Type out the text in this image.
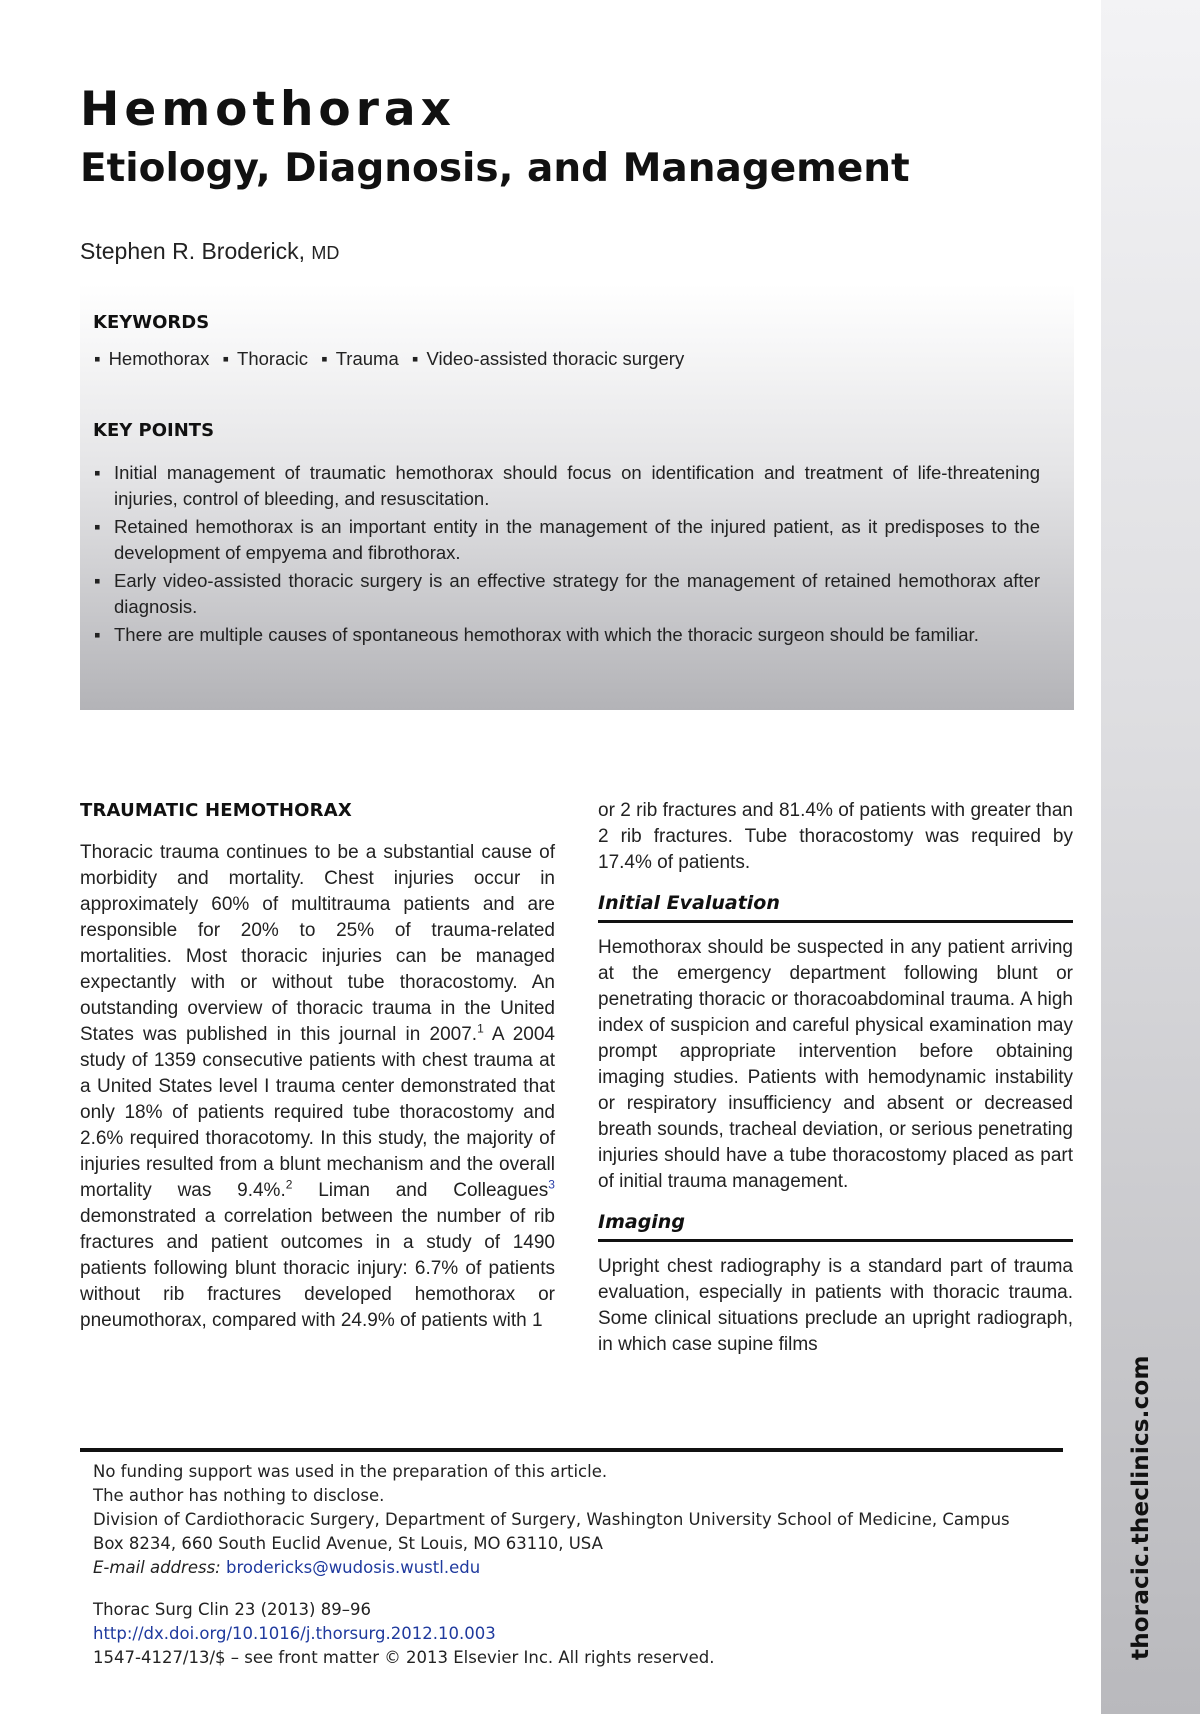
thoracic.theclinics.com
Hemothorax
Etiology, Diagnosis, and Management
Stephen R. Broderick, MD
KEYWORDS
▪ Hemothorax ▪ Thoracic ▪ Trauma ▪ Video-assisted thoracic surgery
KEY POINTS
▪ Initial management of traumatic hemothorax should focus on identification and treatment of life-threatening injuries, control of bleeding, and resuscitation.
▪ Retained hemothorax is an important entity in the management of the injured patient, as it predisposes to the development of empyema and fibrothorax.
▪ Early video-assisted thoracic surgery is an effective strategy for the management of retained hemothorax after diagnosis.
▪ There are multiple causes of spontaneous hemothorax with which the thoracic surgeon should be familiar.
TRAUMATIC HEMOTHORAX

Thoracic trauma continues to be a substantial cause of morbidity and mortality. Chest injuries occur in approximately 60% of multitrauma patients and are responsible for 20% to 25% of trauma-related mortalities. Most thoracic injuries can be managed expectantly with or without tube thoracostomy. An outstanding overview of thoracic trauma in the United States was published in this journal in 2007.$^1$ A 2004 study of 1359 consecutive patients with chest trauma at a United States level I trauma center demonstrated that only 18% of patients required tube thoracostomy and 2.6% required thoracotomy. In this study, the majority of injuries resulted from a blunt mechanism and the overall mortality was 9.4%.$^2$ Liman and Colleagues$^3$ demonstrated a correlation between the number of rib fractures and patient outcomes in a study of 1490 patients following blunt thoracic injury: 6.7% of patients without rib fractures developed hemothorax or pneumothorax, compared with 24.9% of patients with 1

or 2 rib fractures and 81.4% of patients with greater than 2 rib fractures. Tube thoracostomy was required by 17.4% of patients.

Initial Evaluation

Hemothorax should be suspected in any patient arriving at the emergency department following blunt or penetrating thoracic or thoracoabdominal trauma. A high index of suspicion and careful physical examination may prompt appropriate intervention before obtaining imaging studies. Patients with hemodynamic instability or respiratory insufficiency and absent or decreased breath sounds, tracheal deviation, or serious penetrating injuries should have a tube thoracostomy placed as part of initial trauma management.

Imaging

Upright chest radiography is a standard part of trauma evaluation, especially in patients with thoracic trauma. Some clinical situations preclude an upright radiograph, in which case supine films

No funding support was used in the preparation of this article.
The author has nothing to disclose.
Division of Cardiothoracic Surgery, Department of Surgery, Washington University School of Medicine, Campus
Box 8234, 660 South Euclid Avenue, St Louis, MO 63110, USA
E-mail address: brodericks@wudosis.wustl.edu
Thorac Surg Clin 23 (2013) 89–96
http://dx.doi.org/10.1016/j.thorsurg.2012.10.003
1547-4127/13/$ – see front matter © 2013 Elsevier Inc. All rights reserved.
